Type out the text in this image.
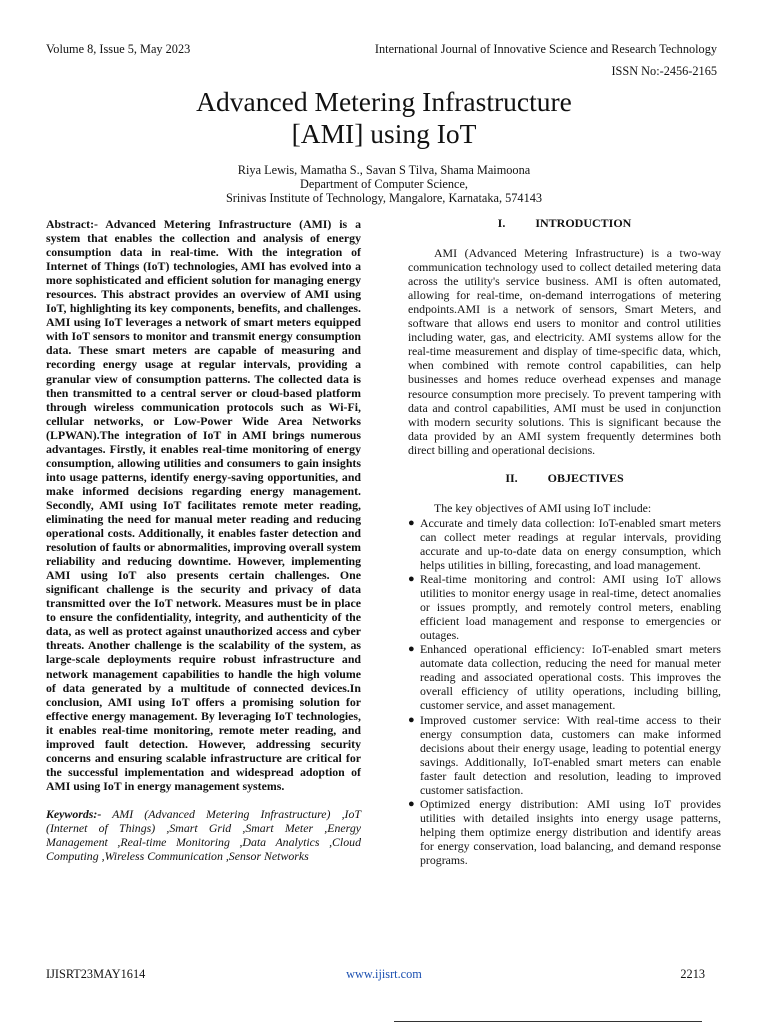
Volume 8, Issue 5, May 2023	International Journal of Innovative Science and Research Technology
ISSN No:-2456-2165
Advanced Metering Infrastructure
[AMI] using IoT
Riya Lewis, Mamatha S., Savan S Tilva, Shama Maimoona
Department of Computer Science,
Srinivas Institute of Technology, Mangalore, Karnataka, 574143

Abstract:- Advanced Metering Infrastructure (AMI) is a system that enables the collection and analysis of energy consumption data in real-time. With the integration of Internet of Things (IoT) technologies, AMI has evolved into a more sophisticated and efficient solution for managing energy resources. This abstract provides an overview of AMI using IoT, highlighting its key components, benefits, and challenges. AMI using IoT leverages a network of smart meters equipped with IoT sensors to monitor and transmit energy consumption data. These smart meters are capable of measuring and recording energy usage at regular intervals, providing a granular view of consumption patterns. The collected data is then transmitted to a central server or cloud-based platform through wireless communication protocols such as Wi-Fi, cellular networks, or Low-Power Wide Area Networks (LPWAN).The integration of IoT in AMI brings numerous advantages. Firstly, it enables real-time monitoring of energy consumption, allowing utilities and consumers to gain insights into usage patterns, identify energy-saving opportunities, and make informed decisions regarding energy management. Secondly, AMI using IoT facilitates remote meter reading, eliminating the need for manual meter reading and reducing operational costs. Additionally, it enables faster detection and resolution of faults or abnormalities, improving overall system reliability and reducing downtime. However, implementing AMI using IoT also presents certain challenges. One significant challenge is the security and privacy of data transmitted over the IoT network. Measures must be in place to ensure the confidentiality, integrity, and authenticity of the data, as well as protect against unauthorized access and cyber threats. Another challenge is the scalability of the system, as large-scale deployments require robust infrastructure and network management capabilities to handle the high volume of data generated by a multitude of connected devices.In conclusion, AMI using IoT offers a promising solution for effective energy management. By leveraging IoT technologies, it enables real-time monitoring, remote meter reading, and improved fault detection. However, addressing security concerns and ensuring scalable infrastructure are critical for the successful implementation and widespread adoption of AMI using IoT in energy management systems.

Keywords:- AMI (Advanced Metering Infrastructure) ,IoT (Internet of Things) ,Smart Grid ,Smart Meter ,Energy Management ,Real-time Monitoring ,Data Analytics ,Cloud Computing ,Wireless Communication ,Sensor Networks

I.          INTRODUCTION

AMI (Advanced Metering Infrastructure) is a two-way communication technology used to collect detailed metering data across the utility's service business. AMI is often automated, allowing for real-time, on-demand interrogations of metering endpoints.AMI is a network of sensors, Smart Meters, and software that allows end users to monitor and control utilities including water, gas, and electricity. AMI systems allow for the real-time measurement and display of time-specific data, which, when combined with remote control capabilities, can help businesses and homes reduce overhead expenses and manage resource consumption more precisely. To prevent tampering with data and control capabilities, AMI must be used in conjunction with modern security solutions. This is significant because the data provided by an AMI system frequently determines both direct billing and operational decisions.

II.          OBJECTIVES

The key objectives of AMI using IoT include:

● Accurate and timely data collection: IoT-enabled smart meters can collect meter readings at regular intervals, providing accurate and up-to-date data on energy consumption, which helps utilities in billing, forecasting, and load management.
● Real-time monitoring and control: AMI using IoT allows utilities to monitor energy usage in real-time, detect anomalies or issues promptly, and remotely control meters, enabling efficient load management and response to emergencies or outages.
● Enhanced operational efficiency: IoT-enabled smart meters automate data collection, reducing the need for manual meter reading and associated operational costs. This improves the overall efficiency of utility operations, including billing, customer service, and asset management.
● Improved customer service: With real-time access to their energy consumption data, customers can make informed decisions about their energy usage, leading to potential energy savings. Additionally, IoT-enabled smart meters can enable faster fault detection and resolution, leading to improved customer satisfaction.
● Optimized energy distribution: AMI using IoT provides utilities with detailed insights into energy usage patterns, helping them optimize energy distribution and identify areas for energy conservation, load balancing, and demand response programs.
IJISRT23MAY1614	www.ijisrt.com	2213
